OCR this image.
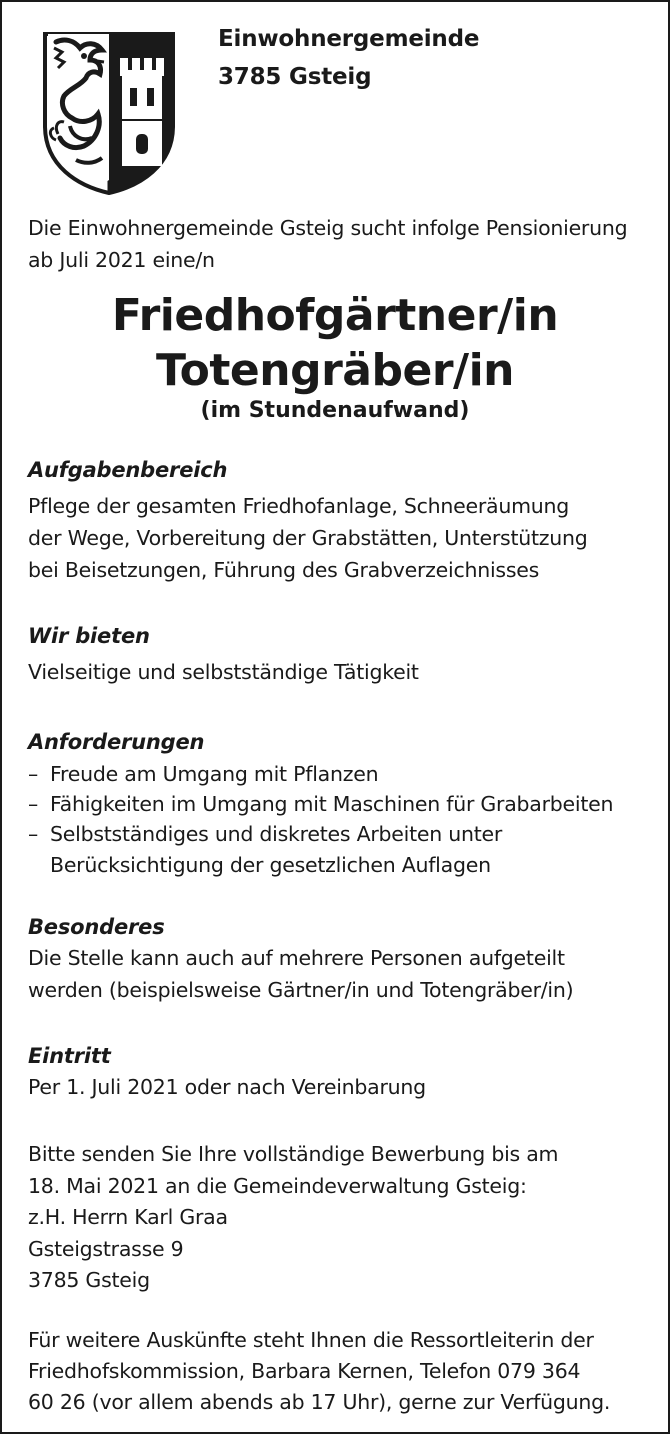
Einwohnergemeinde

3785 Gsteig

Die Einwohnergemeinde Gsteig sucht infolge Pensionierung

ab Juli 2021 eine/n

Friedhofgärtner/in

Totengräber/in

(im Stundenaufwand)

Aufgabenbereich

Pflege der gesamten Friedhofanlage, Schneeräumung

der Wege, Vorbereitung der Grabstätten, Unterstützung

bei Beisetzungen, Führung des Grabverzeichnisses

Wir bieten

Vielseitige und selbstständige Tätigkeit

Anforderungen

– Freude am Umgang mit Pflanzen
– Fähigkeiten im Umgang mit Maschinen für Grabarbeiten
– Selbstständiges und diskretes Arbeiten unter
Berücksichtigung der gesetzlichen Auflagen

Besonderes

Die Stelle kann auch auf mehrere Personen aufgeteilt

werden (beispielsweise Gärtner/in und Totengräber/in)

Eintritt

Per 1. Juli 2021 oder nach Vereinbarung

Bitte senden Sie Ihre vollständige Bewerbung bis am

18. Mai 2021 an die Gemeindeverwaltung Gsteig:

z.H. Herrn Karl Graa

Gsteigstrasse 9

3785 Gsteig

Für weitere Auskünfte steht Ihnen die Ressortleiterin der

Friedhofskommission, Barbara Kernen, Telefon 079 364

60 26 (vor allem abends ab 17 Uhr), gerne zur Verfügung.
